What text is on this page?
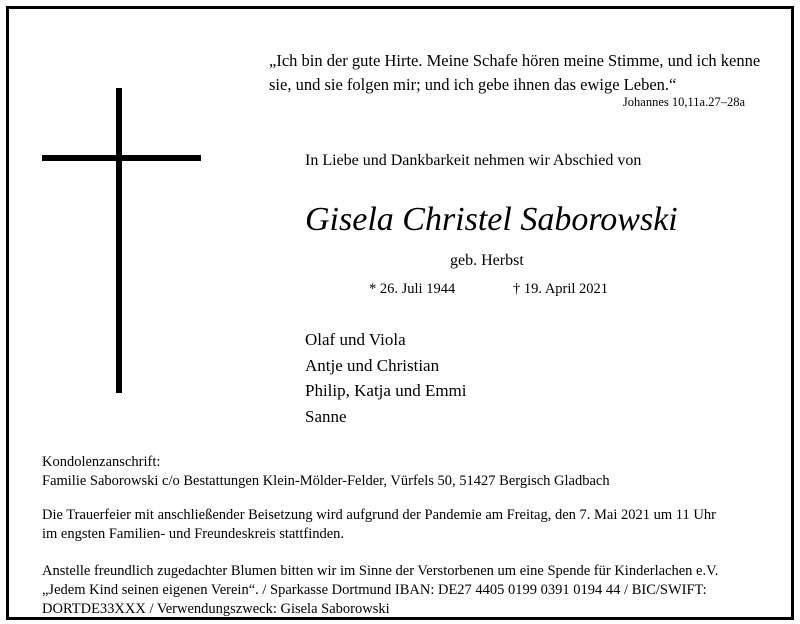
„Ich bin der gute Hirte. Meine Schafe hören meine Stimme, und ich kenne
sie, und sie folgen mir; und ich gebe ihnen das ewige Leben.“
Johannes 10,11a.27–28a
In Liebe und Dankbarkeit nehmen wir Abschied von
Gisela Christel Saborowski
geb. Herbst
* 26. Juli 1944	† 19. April 2021
Olaf und Viola
Antje und Christian
Philip, Katja und Emmi
Sanne
Kondolenzanschrift:
Familie Saborowski c/o Bestattungen Klein-Mölder-Felder, Vürfels 50, 51427 Bergisch Gladbach
Die Trauerfeier mit anschließender Beisetzung wird aufgrund der Pandemie am Freitag, den 7. Mai 2021 um 11 Uhr
im engsten Familien- und Freundeskreis stattfinden.
Anstelle freundlich zugedachter Blumen bitten wir im Sinne der Verstorbenen um eine Spende für Kinderlachen e.V.
„Jedem Kind seinen eigenen Verein“. / Sparkasse Dortmund IBAN: DE27 4405 0199 0391 0194 44 / BIC/SWIFT:
DORTDE33XXX / Verwendungszweck: Gisela Saborowski
